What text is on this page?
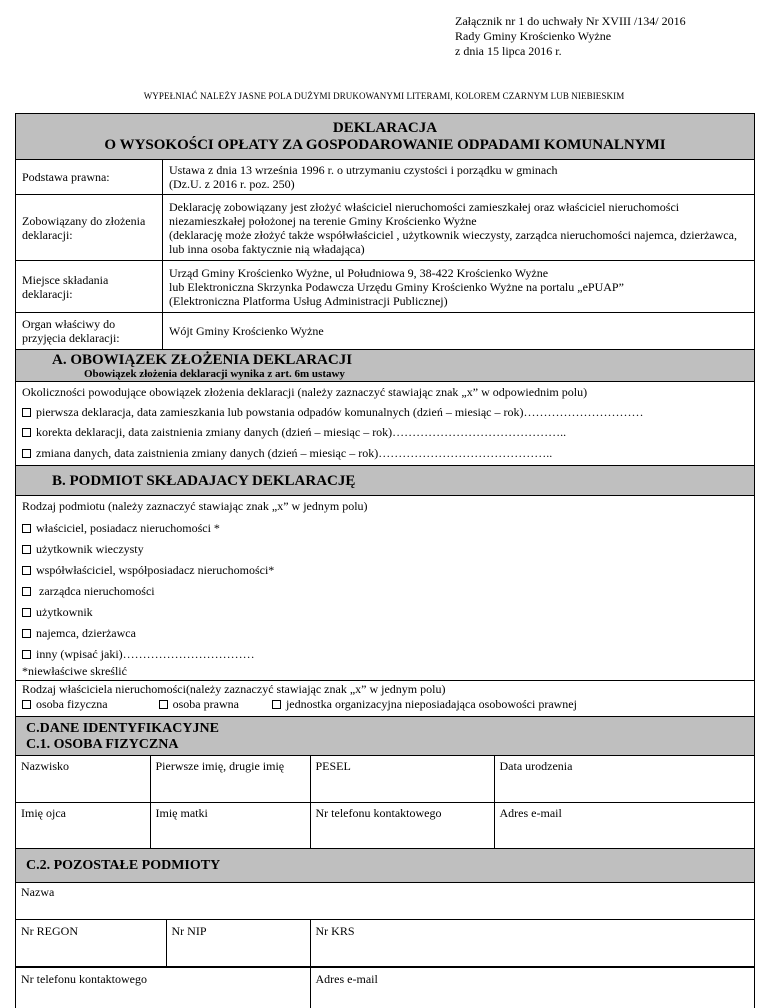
Załącznik nr 1 do uchwały Nr XVIII /134/ 2016
Rady Gminy Krościenko Wyżne
z dnia 15 lipca 2016 r.
WYPEŁNIAĆ NALEŻY JASNE POLA DUŻYMI DRUKOWANYMI LITERAMI, KOLOREM CZARNYM LUB NIEBIESKIM
DEKLARACJA
O WYSOKOŚCI OPŁATY ZA GOSPODAROWANIE ODPADAMI KOMUNALNYMI

Podstawa prawna:	Ustawa z dnia 13 września 1996 r. o utrzymaniu czystości i porządku w gminach
(Dz.U. z 2016 r. poz. 250)

Zobowiązany do złożenia deklaracji:	
Deklarację zobowiązany jest złożyć właściciel nieruchomości zamieszkałej oraz właściciel nieruchomości niezamieszkałej położonej na terenie Gminy Krościenko Wyżne
(deklarację może złożyć także współwłaściciel , użytkownik wieczysty, zarządca nieruchomości najemca, dzierżawca, lub inna osoba faktycznie nią władająca)

Miejsce składania deklaracji:	
Urząd Gminy Krościenko Wyżne, ul Południowa 9, 38-422 Krościenko Wyżne
lub Elektroniczna Skrzynka Podawcza Urzędu Gminy Krościenko Wyżne na portalu „ePUAP”
(Elektroniczna Platforma Usług Administracji Publicznej)

Organ właściwy do przyjęcia deklaracji:	Wójt Gminy Krościenko Wyżne

A. OBOWIĄZEK ZŁOŻENIA DEKLARACJI
Obowiązek złożenia deklaracji wynika z art. 6m ustawy

Okoliczności powodujące obowiązek złożenia deklaracji (należy zaznaczyć stawiając znak „x” w odpowiednim polu)
pierwsza deklaracja, data zamieszkania lub powstania odpadów komunalnych (dzień – miesiąc – rok)…………………………
korekta deklaracji, data zaistnienia zmiany danych (dzień – miesiąc – rok)……………………………………..
zmiana danych, data zaistnienia zmiany danych (dzień – miesiąc – rok)……………………………………..

B. PODMIOT SKŁADAJACY DEKLARACJĘ

Rodzaj podmiotu (należy zaznaczyć stawiając znak „x” w jednym polu)
właściciel, posiadacz nieruchomości *
użytkownik wieczysty
współwłaściciel, współposiadacz nieruchomości*
zarządca nieruchomości
użytkownik
najemca, dzierżawca
inny (wpisać jaki)……………………………
*niewłaściwe skreślić

Rodzaj właściciela nieruchomości(należy zaznaczyć stawiając znak „x” w jednym polu)
osoba fizyczna	osoba prawna	jednostka organizacyjna nieposiadająca osobowości prawnej

C.DANE IDENTYFIKACYJNE
C.1. OSOBA FIZYCZNA

Nazwisko	Pierwsze imię, drugie imię	PESEL	Data urodzenia
Imię ojca	Imię matki	Nr telefonu kontaktowego	Adres e-mail

C.2. POZOSTAŁE PODMIOTY

Nazwa

Nr REGON	Nr NIP	Nr KRS

Nr telefonu kontaktowego	Adres e-mail
